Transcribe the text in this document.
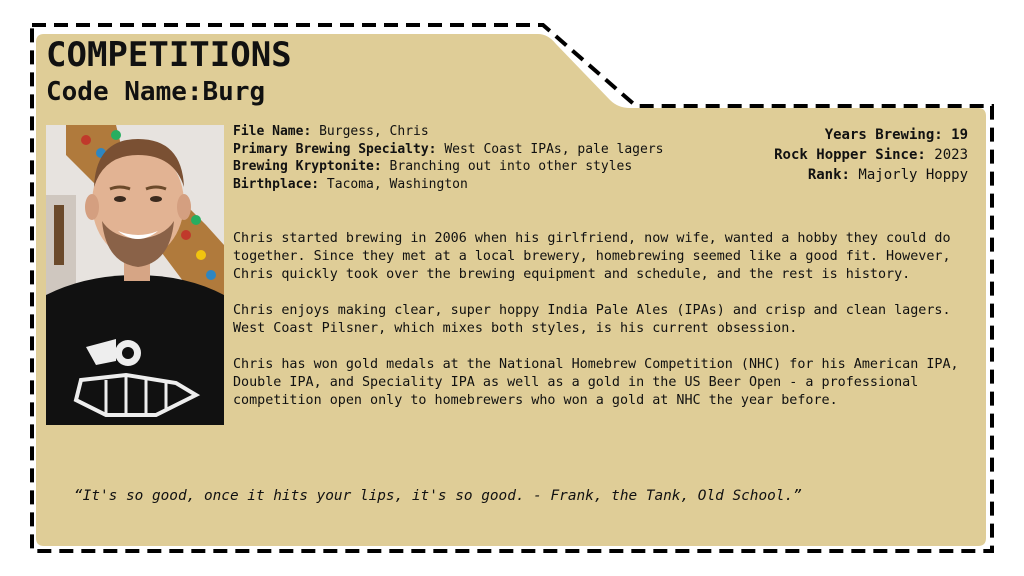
COMPETITIONS
Code Name:Burg
File Name: Burgess, Chris
Primary Brewing Specialty: West Coast IPAs, pale lagers
Brewing Kryptonite: Branching out into other styles
Birthplace: Tacoma, Washington
Years Brewing: 19
Rock Hopper Since: 2023
Rank: Majorly Hoppy

Chris started brewing in 2006 when his girlfriend, now wife, wanted a hobby they could do together. Since they met at a local brewery, homebrewing seemed like a good fit. However, Chris quickly took over the brewing equipment and schedule, and the rest is history.

Chris enjoys making clear, super hoppy India Pale Ales (IPAs) and crisp and clean lagers. West Coast Pilsner, which mixes both styles, is his current obsession.

Chris has won gold medals at the National Homebrew Competition (NHC) for his American IPA, Double IPA, and Speciality IPA as well as a gold in the US Beer Open - a professional competition open only to homebrewers who won a gold at NHC the year before.

“It's so good, once it hits your lips, it's so good. - Frank, the Tank, Old School.”
